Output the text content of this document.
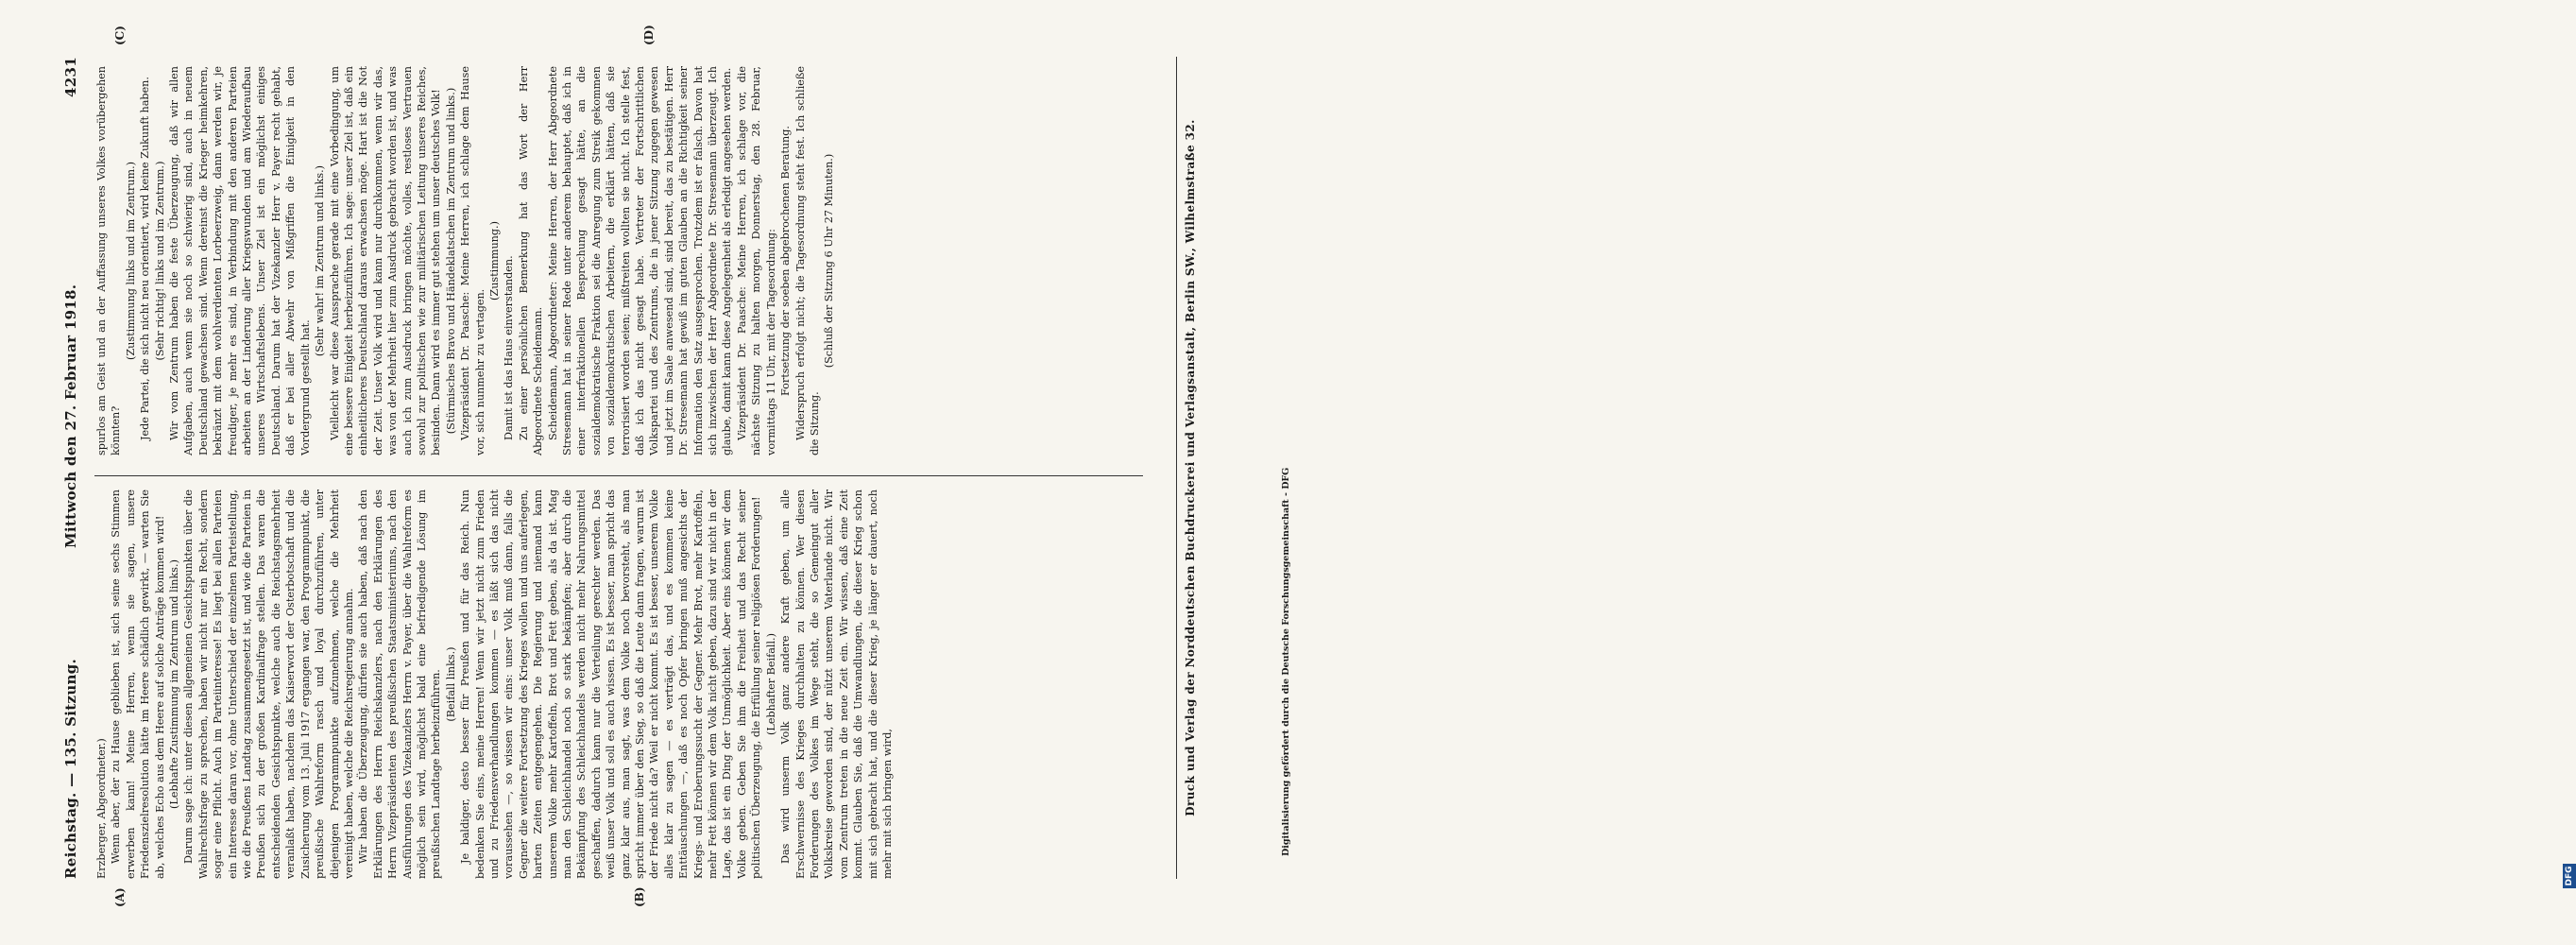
Reichstag. — 135. Sitzung.
Mittwoch den 27. Februar 1918.
4231
(A)	(B)
(C)	(D)

Erzberger, Abgeordneter.) Wenn aber, der zu Hause geblieben ist, sich seine sechs Stimmen erwerben kann! Meine Herren, wenn sie sagen, unsere Friedenszielresolution hätte im Heere schädlich gewirkt, — warten Sie ab, welches Echo aus dem Heere auf solche Anträge kommen wird! (Lebhafte Zustimmung im Zentrum und links.) Darum sage ich: unter diesen allgemeinen Gesichtspunkten über die Wahlrechtsfrage zu sprechen, haben wir nicht nur ein Recht, sondern sogar eine Pflicht. Auch im Parteiinteresse! Es liegt bei allen Parteien ein Interesse daran vor, ohne Unterschied der einzelnen Parteistellung, wie die Preußens Landtag zusammengesetzt ist, und wie die Parteien in Preußen sich zu der großen Kardinalfrage stellen. Das waren die entscheidenden Gesichtspunkte, welche auch die Reichstagsmehrheit veranlaßt haben, nachdem das Kaiserwort der Osterbotschaft und die Zusicherung vom 13. Juli 1917 ergangen war, den Programmpunkt, die preußische Wahlreform rasch und loyal durchzuführen, unter diejenigen Programmpunkte aufzunehmen, welche die Mehrheit vereinigt haben, welche die Reichsregierung annahm. Wir haben die Überzeugung, dürfen sie auch haben, daß nach den Erklärungen des Herrn Reichskanzlers, nach den Erklärungen des Herrn Vizepräsidenten des preußischen Staatsministeriums, nach den Ausführungen des Vizekanzlers Herrn v. Payer, über die Wahlreform es möglich sein wird, möglichst bald eine befriedigende Lösung im preußischen Landtage herbeizuführen. (Beifall links.) Je baldiger, desto besser für Preußen und für das Reich. Nun bedenken Sie eins, meine Herren! Wenn wir jetzt nicht zum Frieden und zu Friedensverhandlungen kommen — es läßt sich das nicht voraussehen —, so wissen wir eins: unser Volk muß dann, falls die Gegner die weitere Fortsetzung des Krieges wollen und uns auferlegen, harten Zeiten entgegengehen. Die Regierung und niemand kann unserem Volke mehr Kartoffeln, Brot und Fett geben, als da ist. Mag man den Schleichhandel noch so stark bekämpfen; aber durch die Bekämpfung des Schleichhandels werden nicht mehr Nahrungsmittel geschaffen, dadurch kann nur die Verteilung gerechter werden. Das weiß unser Volk und soll es auch wissen. Es ist besser, man spricht das ganz klar aus, man sagt, was dem Volke noch bevorsteht, als man spricht immer über den Sieg, so daß die Leute dann fragen, warum ist der Friede nicht da? Weil er nicht kommt. Es ist besser, unserem Volke alles klar zu sagen — es verträgt das, und es kommen keine Enttäuschungen —, daß es noch Opfer bringen muß angesichts der Kriegs- und Eroberungssucht der Gegner. Mehr Brot, mehr Kartoffeln, mehr Fett können wir dem Volk nicht geben, dazu sind wir nicht in der Lage, das ist ein Ding der Unmöglichkeit. Aber eins können wir dem Volke geben. Geben Sie ihm die Freiheit und das Recht seiner politischen Überzeugung, die Erfüllung seiner religiösen Forderungen! (Lebhafter Beifall.) Das wird unserm Volk ganz andere Kraft geben, um alle Erschwernisse des Krieges durchhalten zu können. Wer diesen Forderungen des Volkes im Wege steht, die so Gemeingut aller Volkskreise geworden sind, der nützt unserem Vaterlande nicht. Wir vom Zentrum treten in die neue Zeit ein. Wir wissen, daß eine Zeit kommt. Glauben Sie, daß die Umwandlungen, die dieser Krieg schon mit sich gebracht hat, und die dieser Krieg, je länger er dauert, noch mehr mit sich bringen wird,

spurlos am Geist und an der Auffassung unseres Volkes vorübergehen könnten?

(Zustimmung links und im Zentrum.) Jede Partei, die sich nicht neu orientiert, wird keine Zukunft haben. (Sehr richtig! links und im Zentrum.) Wir vom Zentrum haben die feste Überzeugung, daß wir allen Aufgaben, auch wenn sie noch so schwierig sind, auch in neuem Deutschland gewachsen sind. Wenn dereinst die Krieger heimkehren, bekränzt mit dem wohlverdienten Lorbeerzweig, dann werden wir, je freudiger, je mehr es sind, in Verbindung mit den anderen Parteien arbeiten an der Linderung aller Kriegswunden und am Wiederaufbau unseres Wirtschaftslebens. Unser Ziel ist ein möglichst einiges Deutschland. Darum hat der Vizekanzler Herr v. Payer recht gehabt, daß er bei aller Abwehr von Mißgriffen die Einigkeit in den Vordergrund gestellt hat.

(Sehr wahr! im Zentrum und links.) Vielleicht war diese Aussprache gerade mit eine Vorbedingung, um eine bessere Einigkeit herbeizuführen. Ich sage: unser Ziel ist, daß ein einheitlicheres Deutschland daraus erwachsen möge. Hart ist die Not der Zeit. Unser Volk wird und kann nur durchkommen, wenn wir das, was von der Mehrheit hier zum Ausdruck gebracht worden ist, und was auch ich zum Ausdruck bringen möchte, volles, restloses Vertrauen sowohl zur politischen wie zur militärischen Leitung unseres Reiches, besinden. Dann wird es immer gut stehen um unser deutsches Volk! (Stürmisches Bravo und Händeklatschen im Zentrum und links.) Vizepräsident Dr. Paasche: Meine Herren, ich schlage dem Hause vor, sich nunmehr zu vertagen.

(Zustimmung.) Damit ist das Haus einverstanden. Zu einer persönlichen Bemerkung hat das Wort der Herr Abgeordnete Scheidemann. Scheidemann, Abgeordneter: Meine Herren, der Herr Abgeordnete Stresemann hat in seiner Rede unter anderem behauptet, daß ich in einer interfraktionellen Besprechung gesagt hätte, an die sozialdemokratische Fraktion sei die Anregung zum Streik gekommen von sozialdemokratischen Arbeitern, die erklärt hätten, daß sie terrorisiert worden seien; mißtreiten wollten sie nicht. Ich stelle fest, daß ich das nicht gesagt habe. Vertreter der Fortschrittlichen Volkspartei und des Zentrums, die in jener Sitzung zugegen gewesen und jetzt im Saale anwesend sind, sind bereit, das zu bestätigen. Herr Dr. Stresemann hat gewiß im guten Glauben an die Richtigkeit seiner Information den Satz ausgesprochen. Trotzdem ist er falsch. Davon hat sich inzwischen der Herr Abgeordnete Dr. Stresemann überzeugt. Ich glaube, damit kann diese Angelegenheit als erledigt angesehen werden. Vizepräsident Dr. Paasche: Meine Herren, ich schlage vor, die nächste Sitzung zu halten morgen, Donnerstag, den 28. Februar, vormittags 11 Uhr, mit der Tagesordnung: Fortsetzung der soeben abgebrochenen Beratung. Widerspruch erfolgt nicht; die Tagesordnung steht fest. Ich schließe die Sitzung.

(Schluß der Sitzung 6 Uhr 27 Minuten.)	Druck und Verlag der Norddeutschen Buchdruckerei und Verlagsanstalt, Berlin SW., Wilhelmstraße 32.
DFG
Digitalisierung gefördert durch die Deutsche Forschungsgemeinschaft - DFG
